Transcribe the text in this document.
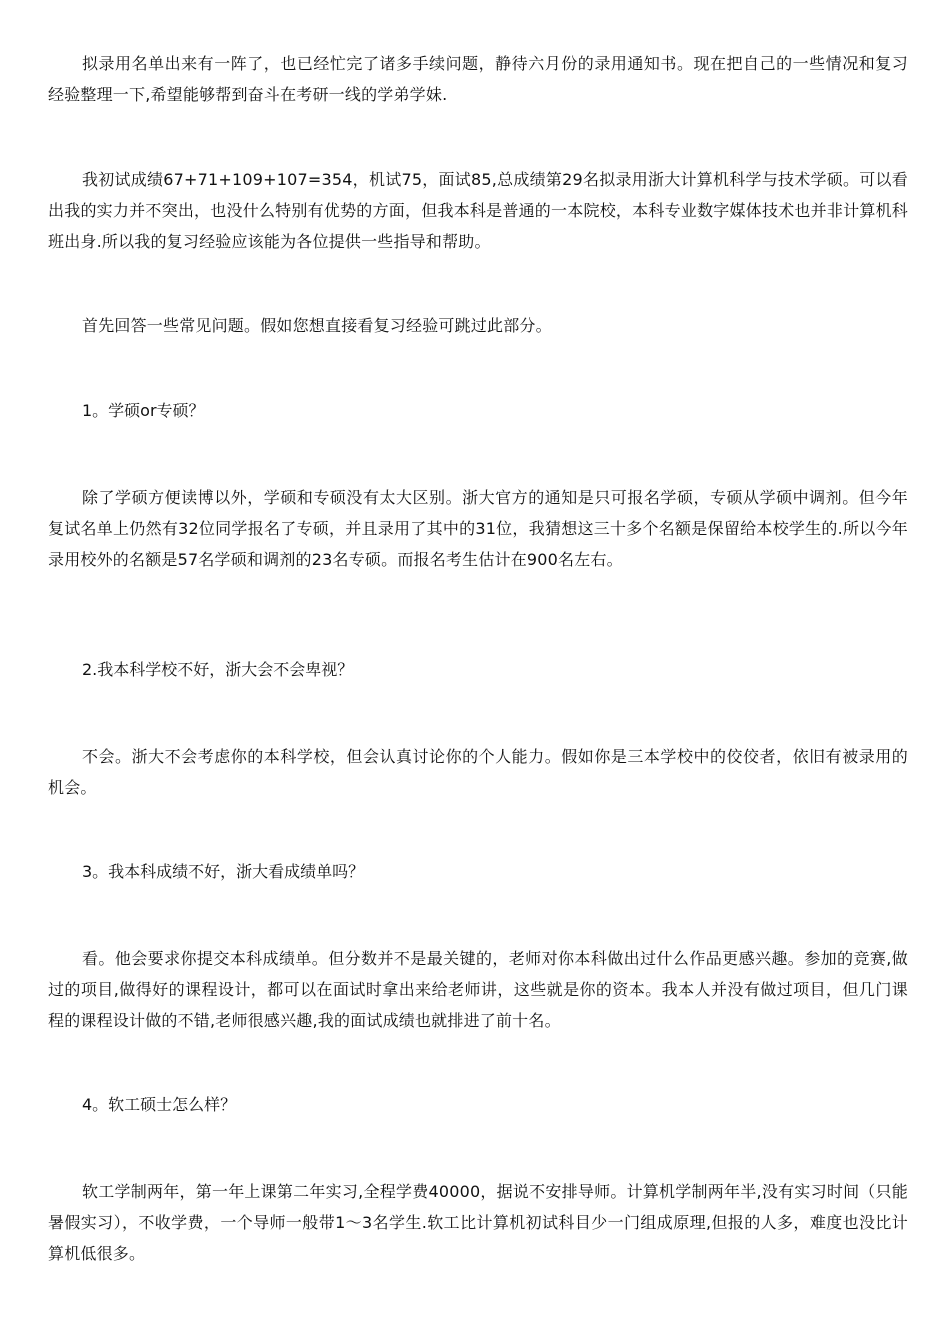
拟录用名单出来有一阵了，也已经忙完了诸多手续问题，静待六月份的录用通知书。现在把自己的一些情况和复习经验整理一下,希望能够帮到奋斗在考研一线的学弟学妹.

我初试成绩67+71+109+107=354，机试75，面试85,总成绩第29名拟录用浙大计算机科学与技术学硕。可以看出我的实力并不突出，也没什么特别有优势的方面，但我本科是普通的一本院校，本科专业数字媒体技术也并非计算机科班出身.所以我的复习经验应该能为各位提供一些指导和帮助。

首先回答一些常见问题。假如您想直接看复习经验可跳过此部分。

1。学硕or专硕？

除了学硕方便读博以外，学硕和专硕没有太大区别。浙大官方的通知是只可报名学硕，专硕从学硕中调剂。但今年复试名单上仍然有32位同学报名了专硕，并且录用了其中的31位，我猜想这三十多个名额是保留给本校学生的.所以今年录用校外的名额是57名学硕和调剂的23名专硕。而报名考生估计在900名左右。

2.我本科学校不好，浙大会不会卑视？

不会。浙大不会考虑你的本科学校，但会认真讨论你的个人能力。假如你是三本学校中的佼佼者，依旧有被录用的机会。

3。我本科成绩不好，浙大看成绩单吗？

看。他会要求你提交本科成绩单。但分数并不是最关键的，老师对你本科做出过什么作品更感兴趣。参加的竞赛,做过的项目,做得好的课程设计，都可以在面试时拿出来给老师讲，这些就是你的资本。我本人并没有做过项目，但几门课程的课程设计做的不错,老师很感兴趣,我的面试成绩也就排进了前十名。

4。软工硕士怎么样？

软工学制两年，第一年上课第二年实习,全程学费40000，据说不安排导师。计算机学制两年半,没有实习时间（只能暑假实习），不收学费，一个导师一般带1～3名学生.软工比计算机初试科目少一门组成原理,但报的人多，难度也没比计算机低很多。
